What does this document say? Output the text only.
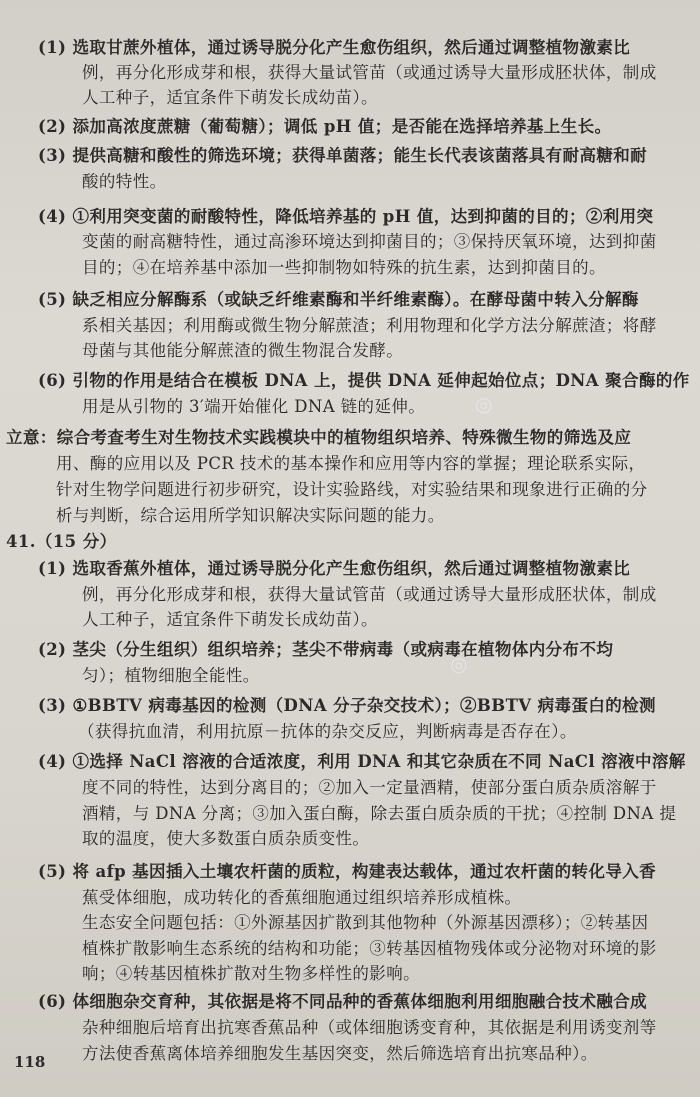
◎
◎
(1) 选取甘蔗外植体，通过诱导脱分化产生愈伤组织，然后通过调整植物激素比
例，再分化形成芽和根，获得大量试管苗（或通过诱导大量形成胚状体，制成
人工种子，适宜条件下萌发长成幼苗）。
(2) 添加高浓度蔗糖（葡萄糖）；调低 pH 值；是否能在选择培养基上生长。
(3) 提供高糖和酸性的筛选环境；获得单菌落；能生长代表该菌落具有耐高糖和耐
酸的特性。
(4) ①利用突变菌的耐酸特性，降低培养基的 pH 值，达到抑菌的目的；②利用突
变菌的耐高糖特性，通过高渗环境达到抑菌目的；③保持厌氧环境，达到抑菌
目的；④在培养基中添加一些抑制物如特殊的抗生素，达到抑菌目的。
(5) 缺乏相应分解酶系（或缺乏纤维素酶和半纤维素酶）。在酵母菌中转入分解酶
系相关基因；利用酶或微生物分解蔗渣；利用物理和化学方法分解蔗渣；将酵
母菌与其他能分解蔗渣的微生物混合发酵。
(6) 引物的作用是结合在模板 DNA 上，提供 DNA 延伸起始位点；DNA 聚合酶的作
用是从引物的 3′端开始催化 DNA 链的延伸。
立意：综合考查考生对生物技术实践模块中的植物组织培养、特殊微生物的筛选及应
用、酶的应用以及 PCR 技术的基本操作和应用等内容的掌握；理论联系实际，
针对生物学问题进行初步研究，设计实验路线，对实验结果和现象进行正确的分
析与判断，综合运用所学知识解决实际问题的能力。
41.（15 分）
(1) 选取香蕉外植体，通过诱导脱分化产生愈伤组织，然后通过调整植物激素比
例，再分化形成芽和根，获得大量试管苗（或通过诱导大量形成胚状体，制成
人工种子，适宜条件下萌发长成幼苗）。
(2) 茎尖（分生组织）组织培养；茎尖不带病毒（或病毒在植物体内分布不均
匀）；植物细胞全能性。
(3) ①BBTV 病毒基因的检测（DNA 分子杂交技术）；②BBTV 病毒蛋白的检测
（获得抗血清，利用抗原－抗体的杂交反应，判断病毒是否存在）。
(4) ①选择 NaCl 溶液的合适浓度，利用 DNA 和其它杂质在不同 NaCl 溶液中溶解
度不同的特性，达到分离目的；②加入一定量酒精，使部分蛋白质杂质溶解于
酒精，与 DNA 分离；③加入蛋白酶，除去蛋白质杂质的干扰；④控制 DNA 提
取的温度，使大多数蛋白质杂质变性。
(5) 将 afp 基因插入土壤农杆菌的质粒，构建表达载体，通过农杆菌的转化导入香
蕉受体细胞，成功转化的香蕉细胞通过组织培养形成植株。
生态安全问题包括：①外源基因扩散到其他物种（外源基因漂移）；②转基因
植株扩散影响生态系统的结构和功能；③转基因植物残体或分泌物对环境的影
响；④转基因植株扩散对生物多样性的影响。
(6) 体细胞杂交育种，其依据是将不同品种的香蕉体细胞利用细胞融合技术融合成
杂种细胞后培育出抗寒香蕉品种（或体细胞诱变育种，其依据是利用诱变剂等
方法使香蕉离体培养细胞发生基因突变，然后筛选培育出抗寒品种）。
118
